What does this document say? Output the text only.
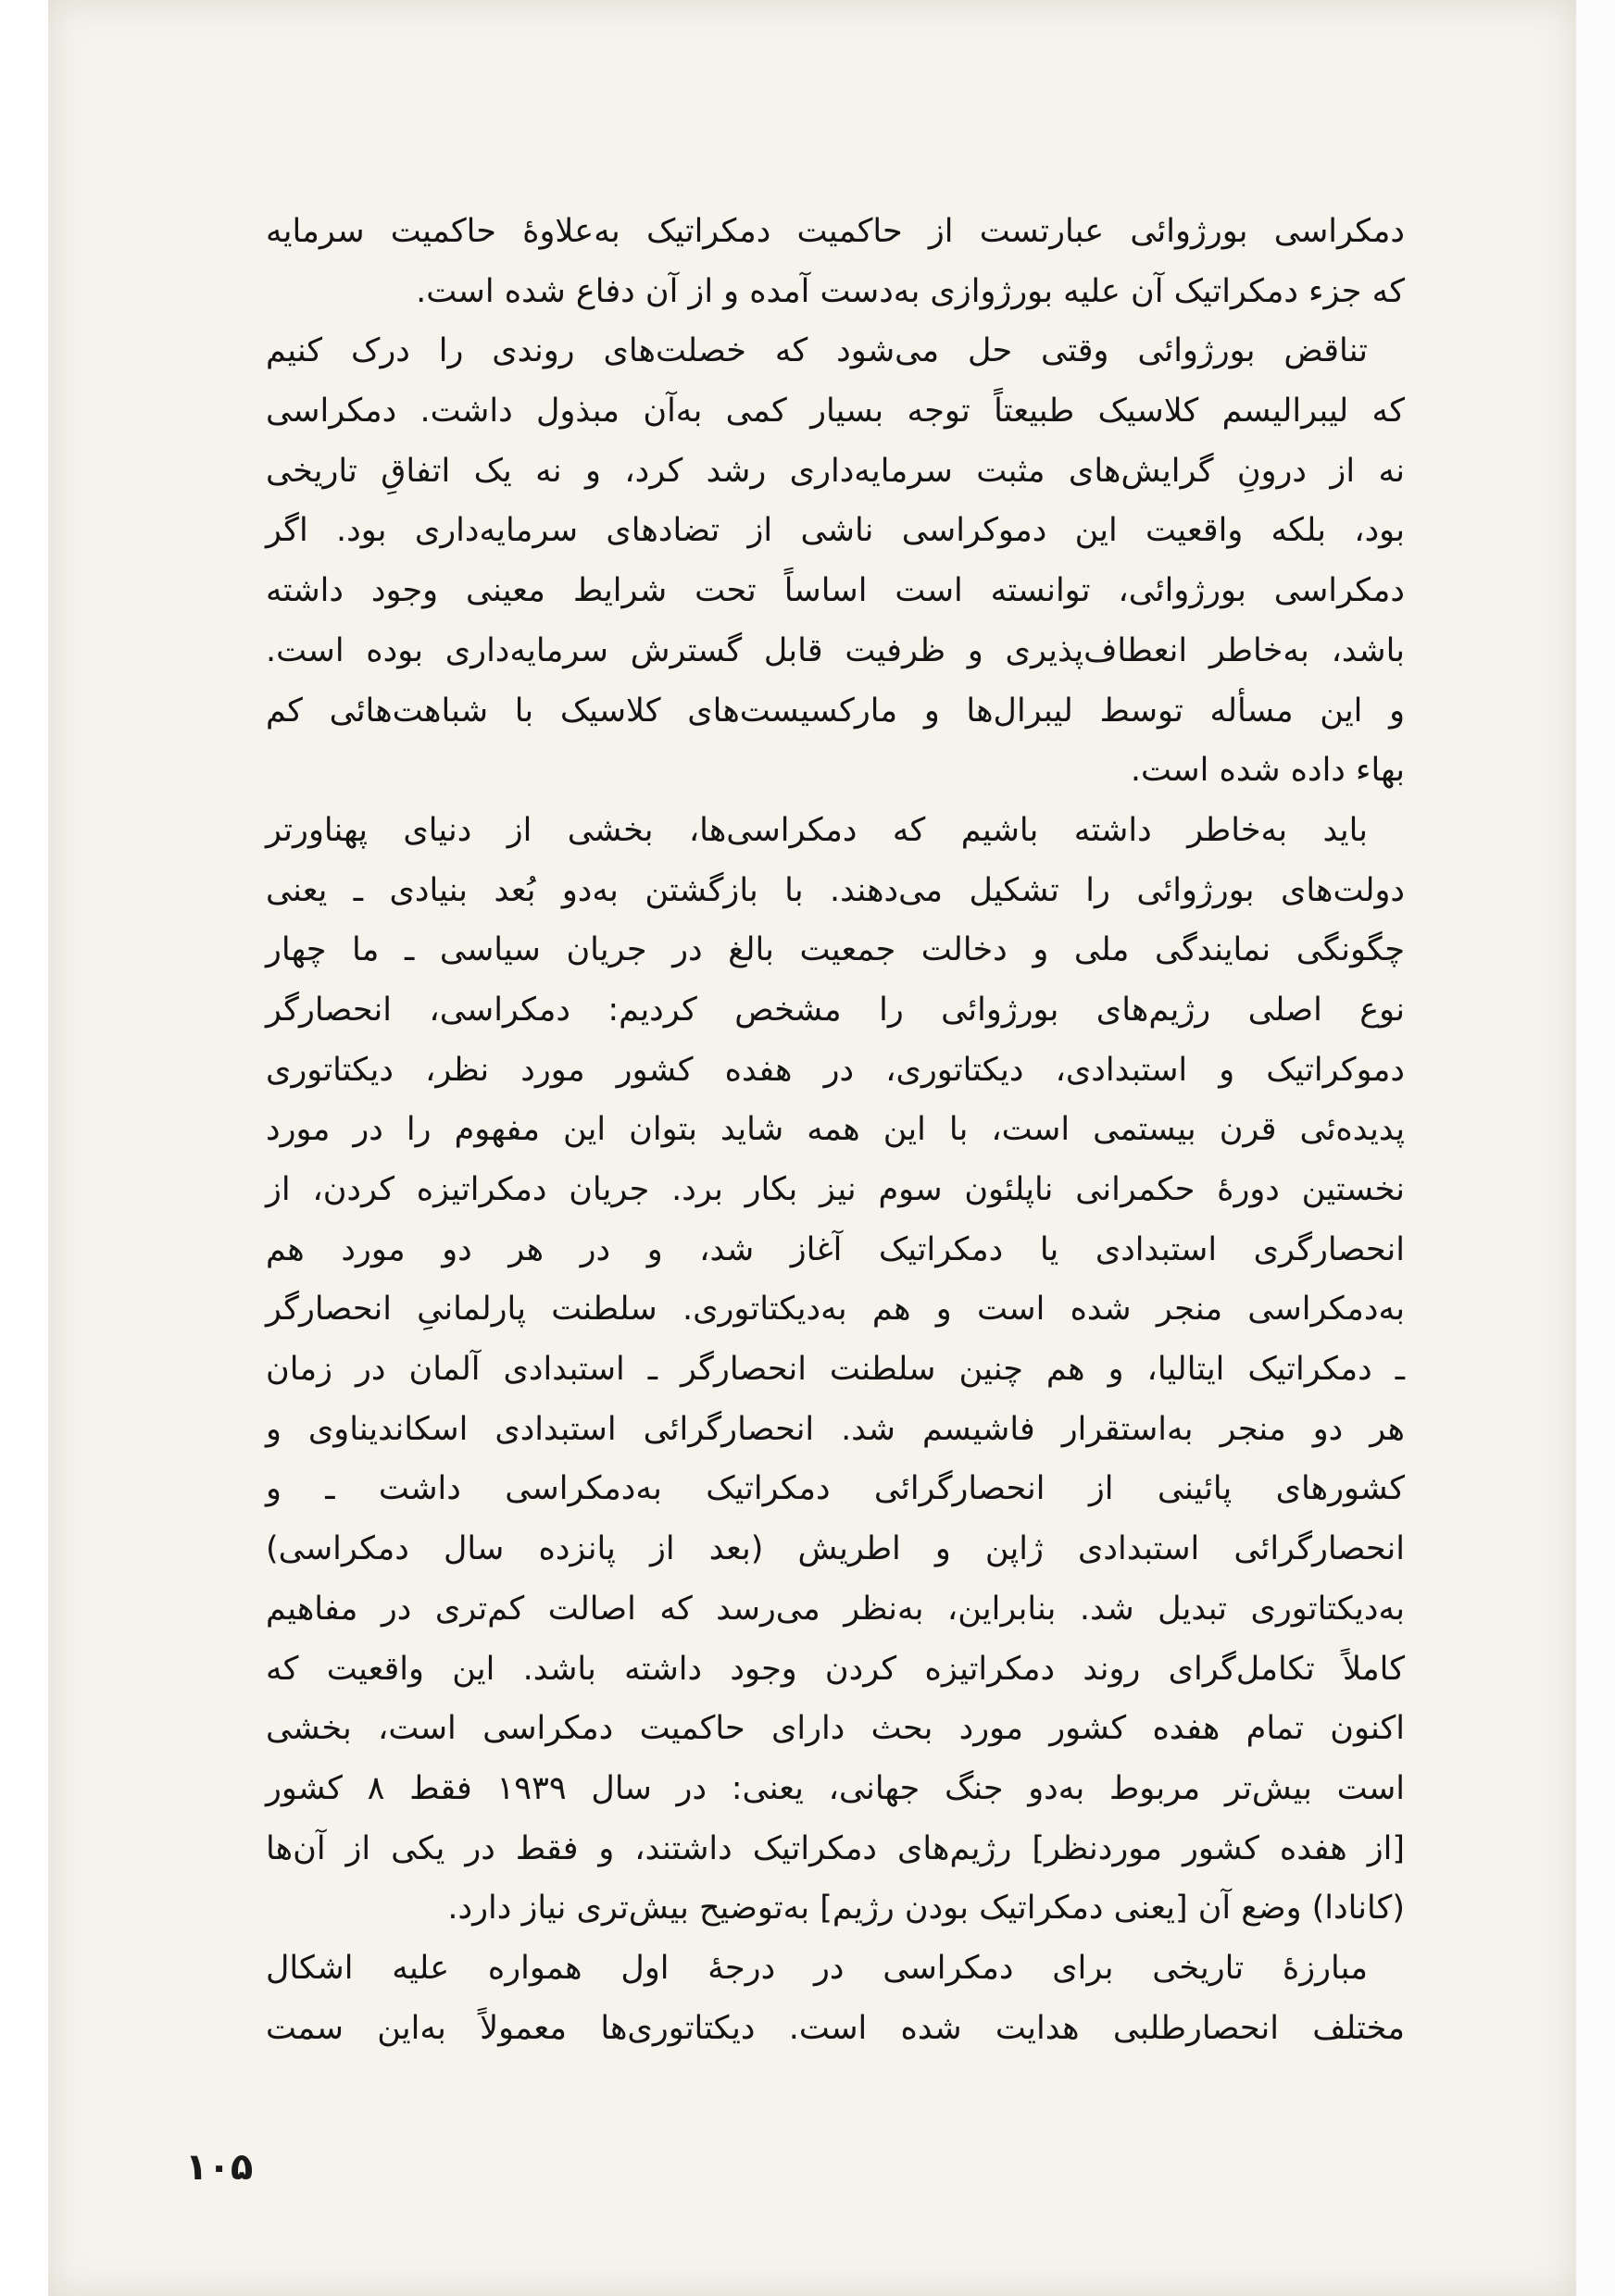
دمکراسی بورژوائی عبارتست از حاکمیت دمکراتیک به‌علاوهٔ حاکمیت سرمایه
که جزء دمکراتیک آن علیه بورژوازی به‌دست آمده و از آن دفاع شده است.
تناقض بورژوائی وقتی حل می‌شود که خصلت‌های روندی را درک کنیم
که لیبرالیسم کلاسیک طبیعتاً توجه بسیار کمی به‌آن مبذول داشت. دمکراسی
نه از درونِ گرایش‌های مثبت سرمایه‌داری رشد کرد، و نه یک اتفاقِ تاریخی
بود، بلکه واقعیت این دموکراسی ناشی از تضادهای سرمایه‌داری بود. اگر
دمکراسی بورژوائی، توانسته است اساساً تحت شرایط معینی وجود داشته
باشد، به‌خاطر انعطاف‌پذیری و ظرفیت قابل گسترش سرمایه‌داری بوده است.
و این مسأله توسط لیبرال‌ها و مارکسیست‌های کلاسیک با شباهت‌هائی کم
بهاء داده شده است.
باید به‌خاطر داشته باشیم که دمکراسی‌ها، بخشی از دنیای پهناورتر
دولت‌های بورژوائی را تشکیل می‌دهند. با بازگشتن به‌دو بُعد بنیادی ـ یعنی
چگونگی نمایندگی ملی و دخالت جمعیت بالغ در جریان سیاسی ـ ما چهار
نوع اصلی رژیم‌های بورژوائی را مشخص کردیم: دمکراسی، انحصارگر
دموکراتیک و استبدادی، دیکتاتوری، در هفده کشور مورد نظر، دیکتاتوری
پدیده‌ئی قرن بیستمی است، با این همه شاید بتوان این مفهوم را در مورد
نخستین دورهٔ حکمرانی ناپلئون سوم نیز بکار برد. جریان دمکراتیزه کردن، از
انحصارگری استبدادی یا دمکراتیک آغاز شد، و در هر دو مورد هم
به‌دمکراسی منجر شده است و هم به‌دیکتاتوری. سلطنت پارلمانیِ انحصارگر
ـ دمکراتیک ایتالیا، و هم چنین سلطنت انحصارگر ـ استبدادی آلمان در زمان
هر دو منجر به‌استقرار فاشیسم شد. انحصارگرائی استبدادی اسکاندیناوی و
کشورهای پائینی از انحصارگرائی دمکراتیک به‌دمکراسی داشت ـ و
انحصارگرائی استبدادی ژاپن و اطریش (بعد از پانزده سال دمکراسی)
به‌دیکتاتوری تبدیل شد. بنابراین، به‌نظر می‌رسد که اصالت کم‌تری در مفاهیم
کاملاً تکامل‌گرای روند دمکراتیزه کردن وجود داشته باشد. این واقعیت که
اکنون تمام هفده کشور مورد بحث دارای حاکمیت دمکراسی است، بخشی
است بیش‌تر مربوط به‌دو جنگ جهانی، یعنی: در سال ۱۹۳۹ فقط ۸ کشور
[از هفده کشور موردنظر] رژیم‌های دمکراتیک داشتند، و فقط در یکی از آن‌ها
(کانادا) وضع آن [یعنی دمکراتیک بودن رژیم] به‌توضیح بیش‌تری نیاز دارد.
مبارزهٔ تاریخی برای دمکراسی در درجهٔ اول همواره علیه اشکال
مختلف انحصارطلبی هدایت شده است. دیکتاتوری‌ها معمولاً به‌این سمت
۱۰۵
